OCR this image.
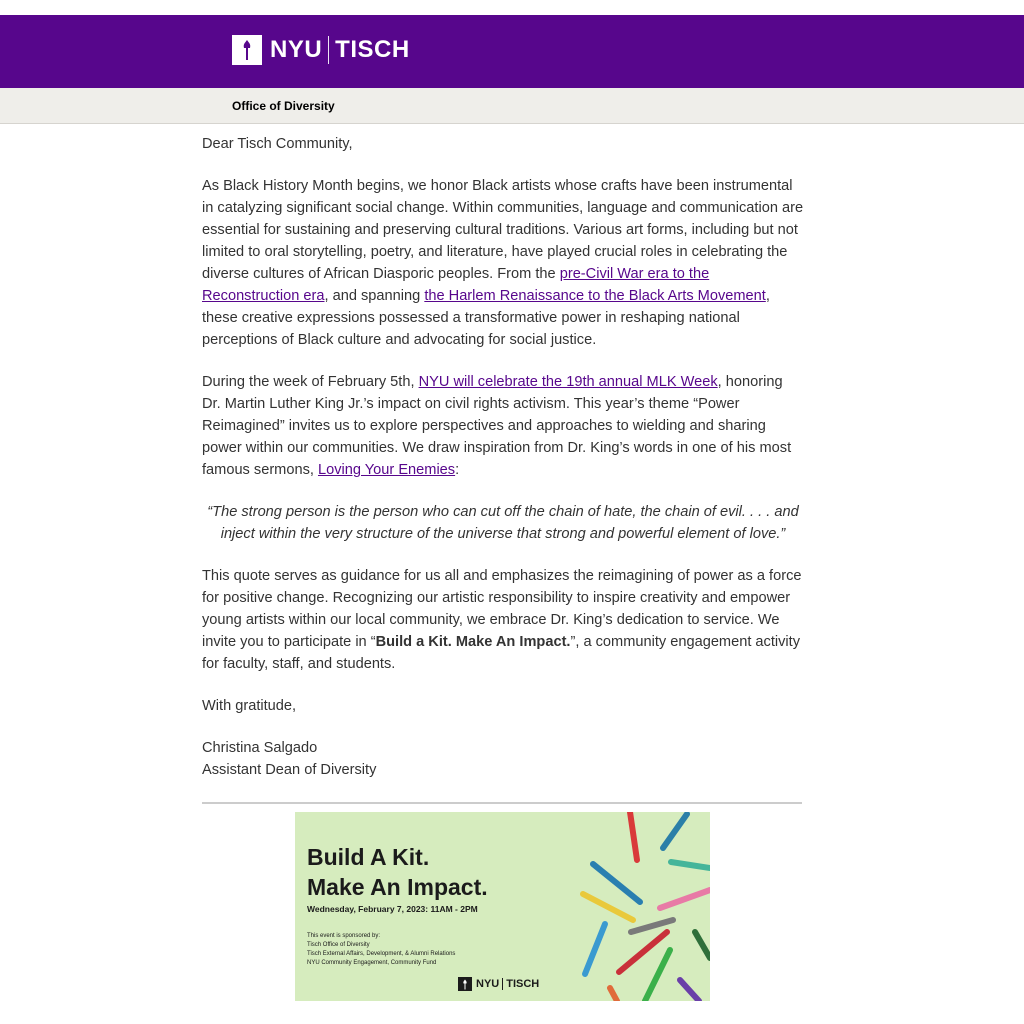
NYU TISCH
Office of Diversity

Dear Tisch Community,

As Black History Month begins, we honor Black artists whose crafts have been instrumental in catalyzing significant social change. Within communities, language and communication are essential for sustaining and preserving cultural traditions. Various art forms, including but not limited to oral storytelling, poetry, and literature, have played crucial roles in celebrating the diverse cultures of African Diasporic peoples. From the pre-Civil War era to the Reconstruction era, and spanning the Harlem Renaissance to the Black Arts Movement, these creative expressions possessed a transformative power in reshaping national perceptions of Black culture and advocating for social justice.

During the week of February 5th, NYU will celebrate the 19th annual MLK Week, honoring Dr. Martin Luther King Jr.’s impact on civil rights activism. This year’s theme “Power Reimagined” invites us to explore perspectives and approaches to wielding and sharing power within our communities. We draw inspiration from Dr. King’s words in one of his most famous sermons, Loving Your Enemies:

“The strong person is the person who can cut off the chain of hate, the chain of evil. . . . and inject within the very structure of the universe that strong and powerful element of love.”

This quote serves as guidance for us all and emphasizes the reimagining of power as a force for positive change. Recognizing our artistic responsibility to inspire creativity and empower young artists within our local community, we embrace Dr. King’s dedication to service. We invite you to participate in “Build a Kit. Make An Impact.”, a community engagement activity for faculty, staff, and students.

With gratitude,

Christina Salgado

Assistant Dean of Diversity

Build A Kit.
Make An Impact.
Wednesday, February 7, 2023: 11AM - 2PM
This event is sponsored by:
Tisch Office of Diversity
Tisch External Affairs, Development, & Alumni Relations
NYU Community Engagement, Community Fund
NYU TISCH
